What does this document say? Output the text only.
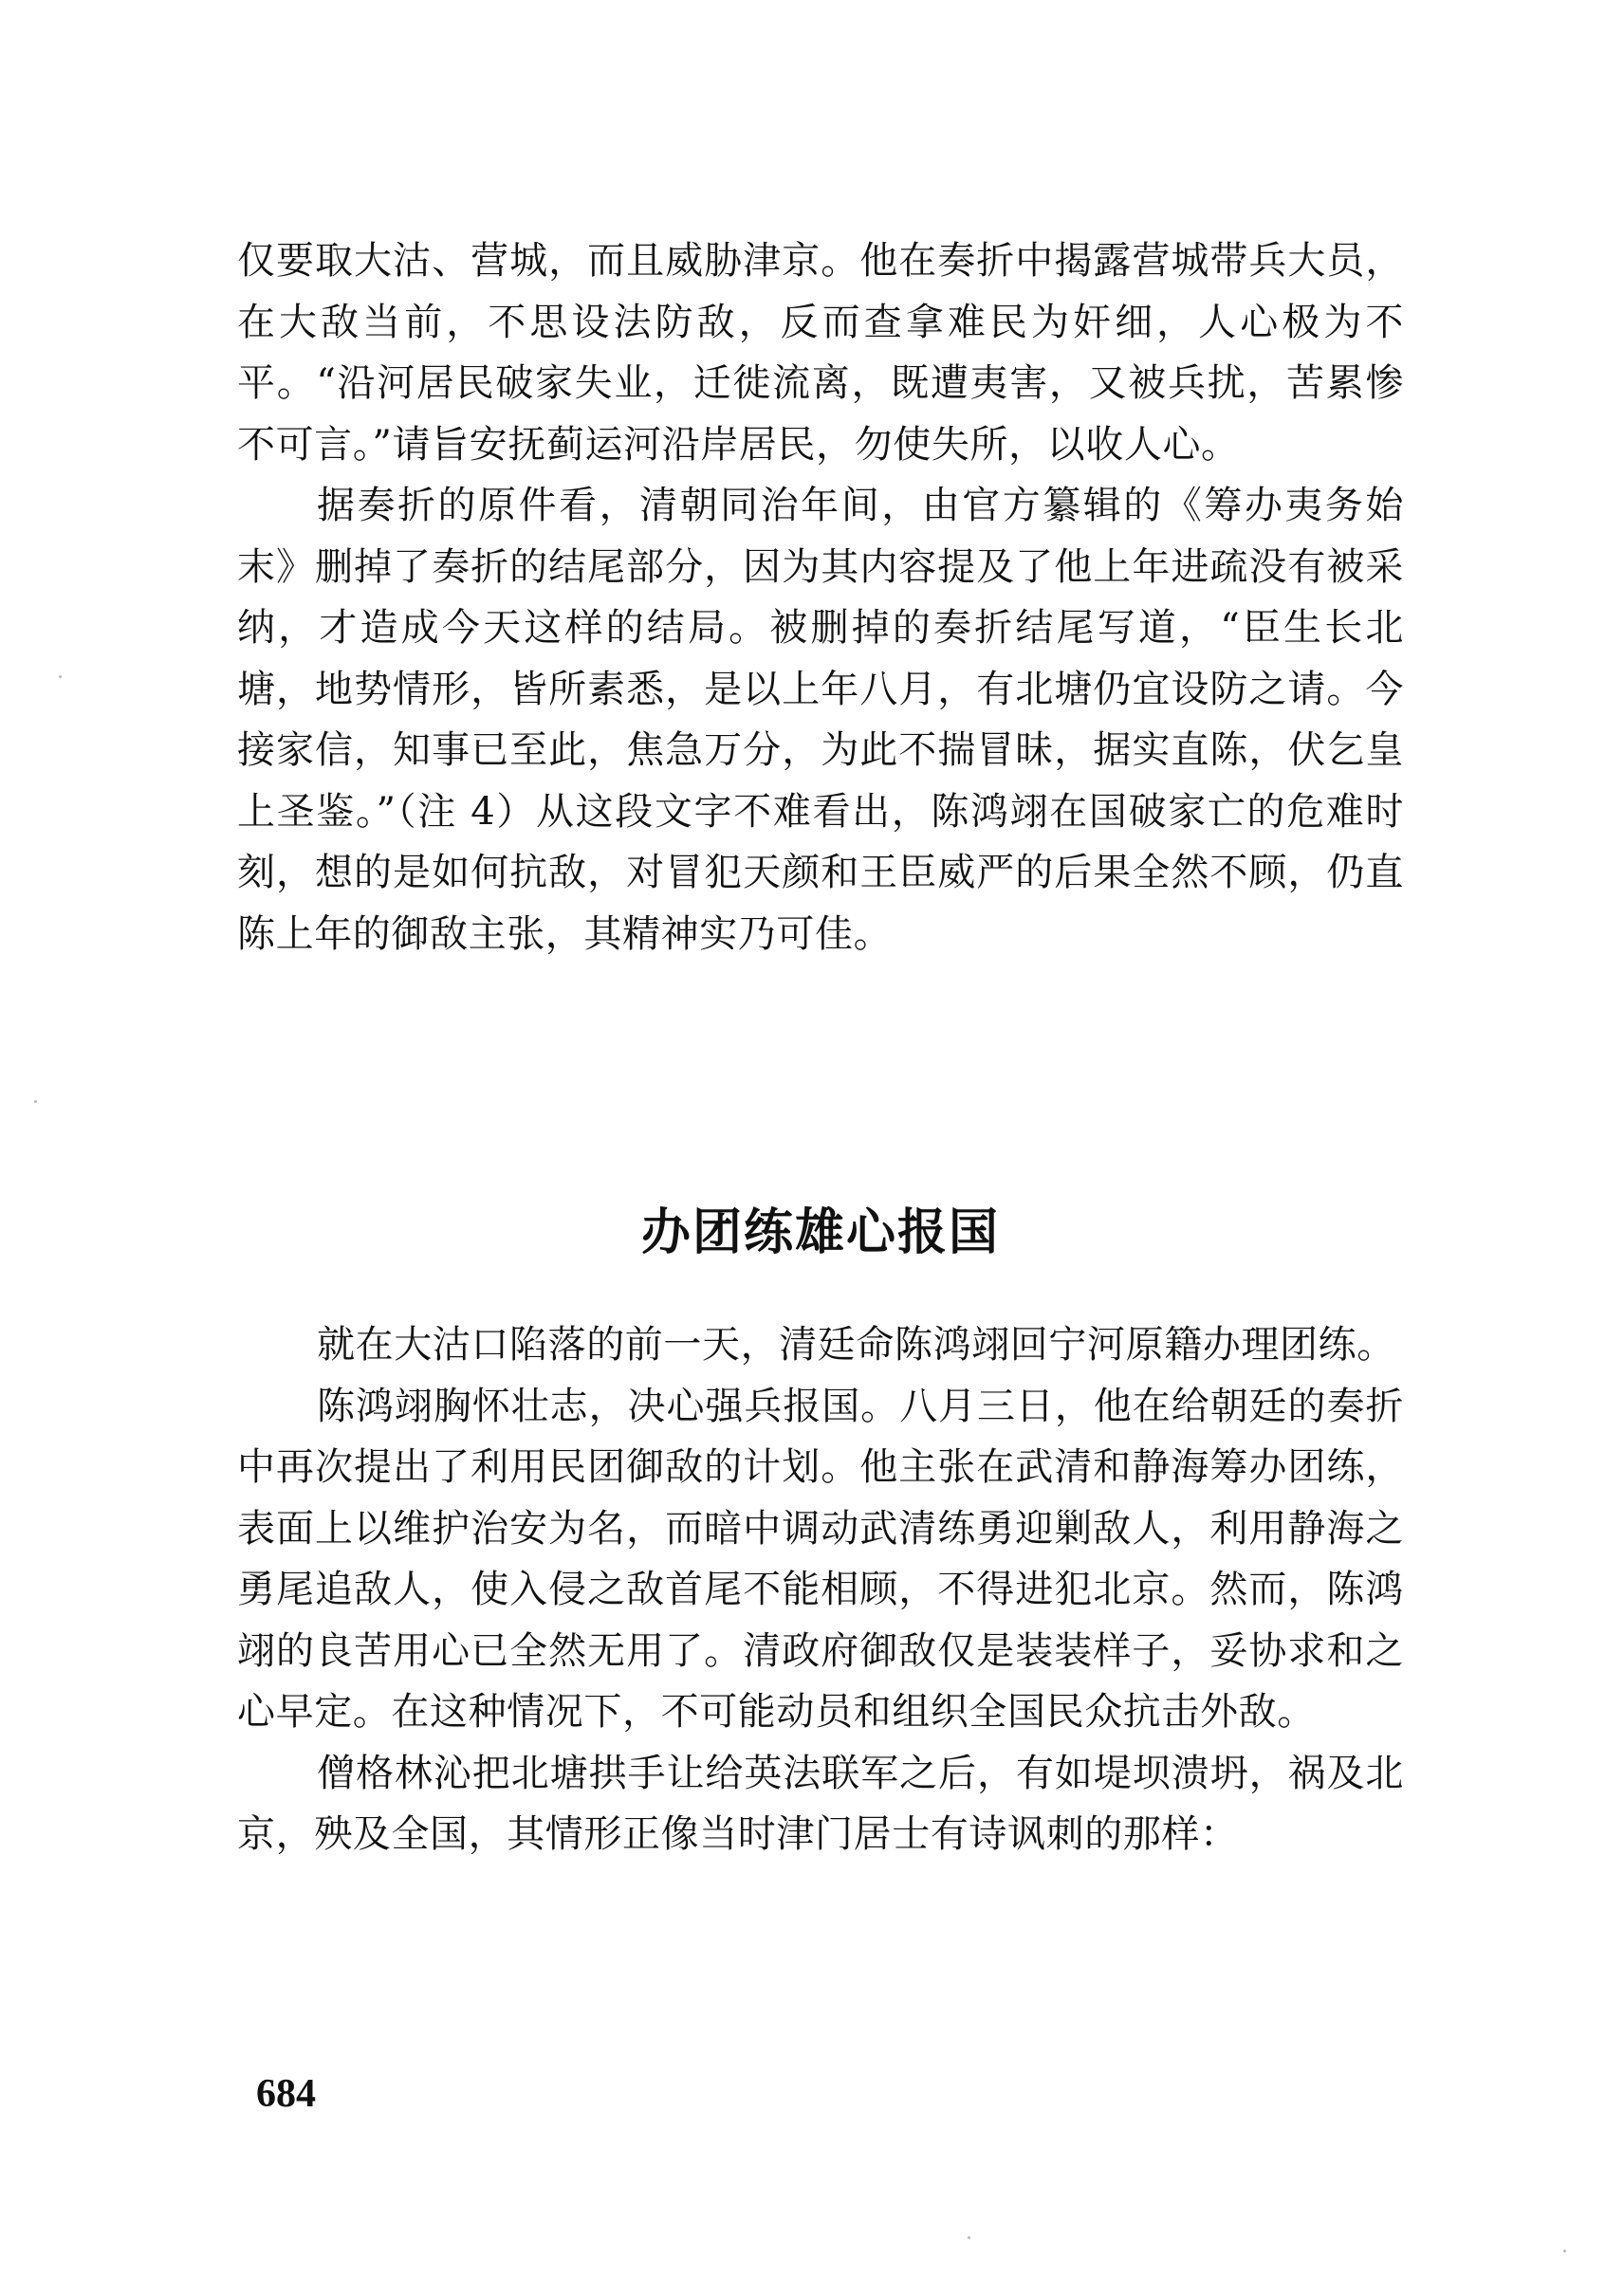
仅要取大沽、营城，而且威胁津京。他在奏折中揭露营城带兵大员，在大敌当前，不思设法防敌，反而查拿难民为奸细，人心极为不平。“沿河居民破家失业，迁徙流离，既遭夷害，又被兵扰，苦累惨不可言。”请旨安抚蓟运河沿岸居民，勿使失所，以收人心。

据奏折的原件看，清朝同治年间，由官方纂辑的《筹办夷务始末》删掉了奏折的结尾部分，因为其内容提及了他上年进疏没有被采纳，才造成今天这样的结局。被删掉的奏折结尾写道，“臣生长北塘，地势情形，皆所素悉，是以上年八月，有北塘仍宜设防之请。今接家信，知事已至此，焦急万分，为此不揣冒昧，据实直陈，伏乞皇上圣鉴。”（注 4）从这段文字不难看出，陈鸿翊在国破家亡的危难时刻，想的是如何抗敌，对冒犯天颜和王臣威严的后果全然不顾，仍直陈上年的御敌主张，其精神实乃可佳。

办团练雄心报国

就在大沽口陷落的前一天，清廷命陈鸿翊回宁河原籍办理团练。

陈鸿翊胸怀壮志，决心强兵报国。八月三日，他在给朝廷的奏折中再次提出了利用民团御敌的计划。他主张在武清和静海筹办团练，表面上以维护治安为名，而暗中调动武清练勇迎剿敌人，利用静海之勇尾追敌人，使入侵之敌首尾不能相顾，不得进犯北京。然而，陈鸿翊的良苦用心已全然无用了。清政府御敌仅是装装样子，妥协求和之心早定。在这种情况下，不可能动员和组织全国民众抗击外敌。

僧格林沁把北塘拱手让给英法联军之后，有如堤坝溃坍，祸及北京，殃及全国，其情形正像当时津门居士有诗讽刺的那样：

684
